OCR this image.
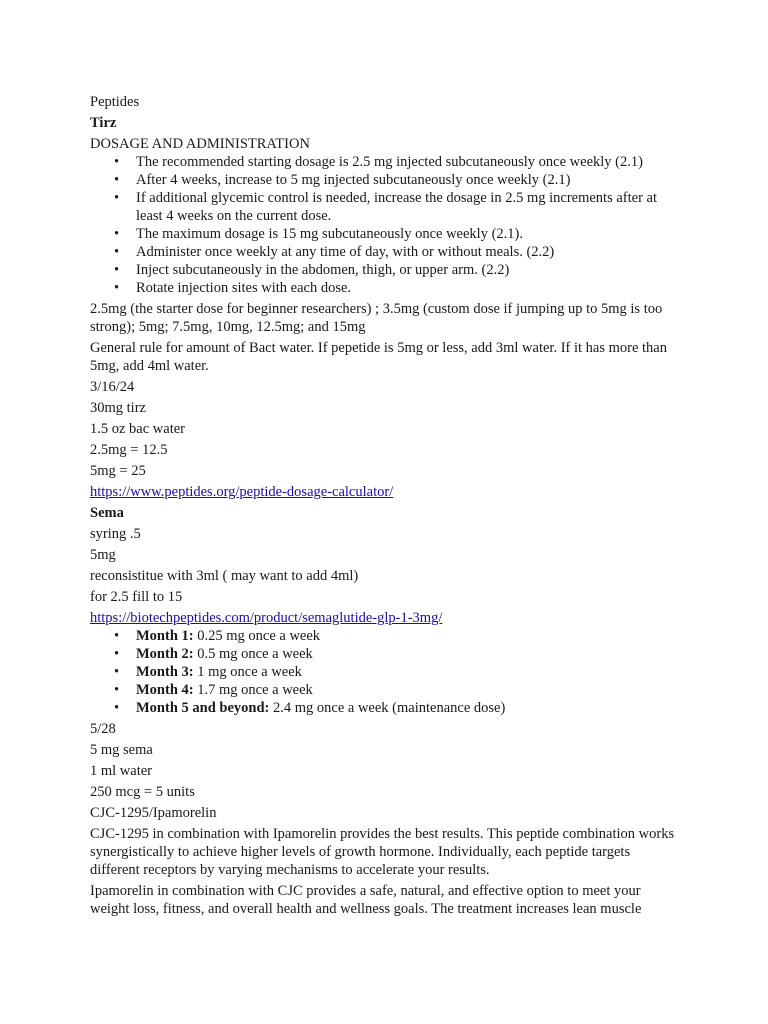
Peptides

Tirz

DOSAGE AND ADMINISTRATION

• The recommended starting dosage is 2.5 mg injected subcutaneously once weekly (2.1)
• After 4 weeks, increase to 5 mg injected subcutaneously once weekly (2.1)
• If additional glycemic control is needed, increase the dosage in 2.5 mg increments after at least 4 weeks on the current dose.
• The maximum dosage is 15 mg subcutaneously once weekly (2.1).
• Administer once weekly at any time of day, with or without meals. (2.2)
• Inject subcutaneously in the abdomen, thigh, or upper arm. (2.2)
• Rotate injection sites with each dose.

2.5mg (the starter dose for beginner researchers) ; 3.5mg (custom dose if jumping up to 5mg is too strong); 5mg; 7.5mg, 10mg, 12.5mg; and 15mg

General rule for amount of Bact water. If pepetide is 5mg or less, add 3ml water. If it has more than 5mg, add 4ml water.

3/16/24

30mg tirz

1.5 oz bac water

2.5mg = 12.5

5mg = 25

https://www.peptides.org/peptide-dosage-calculator/

Sema

syring .5

5mg

reconsistitue with 3ml ( may want to add 4ml)

for 2.5 fill to 15

https://biotechpeptides.com/product/semaglutide-glp-1-3mg/

• Month 1: 0.25 mg once a week
• Month 2: 0.5 mg once a week
• Month 3: 1 mg once a week
• Month 4: 1.7 mg once a week
• Month 5 and beyond: 2.4 mg once a week (maintenance dose)

5/28

5 mg sema

1 ml water

250 mcg = 5 units

CJC-1295/Ipamorelin

CJC-1295 in combination with Ipamorelin provides the best results. This peptide combination works synergistically to achieve higher levels of growth hormone. Individually, each peptide targets different receptors by varying mechanisms to accelerate your results.

Ipamorelin in combination with CJC provides a safe, natural, and effective option to meet your weight loss, fitness, and overall health and wellness goals. The treatment increases lean muscle
